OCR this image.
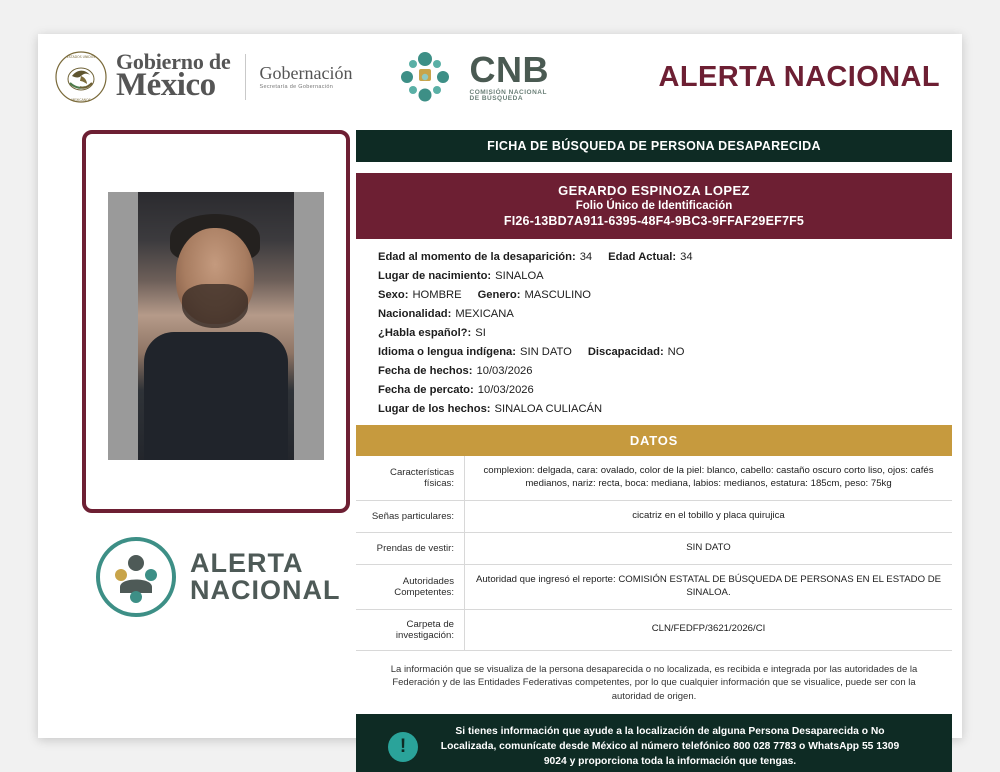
ESTADOS UNIDOS
MEXICANOS
Gobierno de
México	Gobernación
Secretaría de Gobernación	CNB
COMISIÓN NACIONAL
DE BÚSQUEDA
ALERTA NACIONAL
ALERTA
NACIONAL
FICHA DE BÚSQUEDA DE PERSONA DESAPARECIDA
GERARDO ESPINOZA LOPEZ
Folio Único de Identificación
FI26-13BD7A911-6395-48F4-9BC3-9FFAF29EF7F5
Edad al momento de la desaparición: 34 Edad Actual: 34
Lugar de nacimiento: SINALOA
Sexo: HOMBRE Genero: MASCULINO
Nacionalidad: MEXICANA
¿Habla español?: SI
Idioma o lengua indígena: SIN DATO Discapacidad: NO
Fecha de hechos: 10/03/2026
Fecha de percato: 10/03/2026
Lugar de los hechos: SINALOA CULIACÁN
DATOS
Características físicas:	complexion: delgada, cara: ovalado, color de la piel: blanco, cabello: castaño oscuro corto liso, ojos: cafés medianos, nariz: recta, boca: mediana, labios: medianos, estatura: 185cm, peso: 75kg
Señas particulares:	cicatriz en el tobillo y placa quirujica
Prendas de vestir:	SIN DATO
Autoridades Competentes:	Autoridad que ingresó el reporte: COMISIÓN ESTATAL DE BÚSQUEDA DE PERSONAS EN EL ESTADO DE SINALOA.
Carpeta de investigación:	CLN/FEDFP/3621/2026/CI
La información que se visualiza de la persona desaparecida o no localizada, es recibida e integrada por las autoridades de la Federación y de las Entidades Federativas competentes, por lo que cualquier información que se visualice, puede ser con la autoridad de origen.
!
Si tienes información que ayude a la localización de alguna Persona Desaparecida o No Localizada, comunícate desde México al número telefónico 800 028 7783 o WhatsApp 55 1309 9024 y proporciona toda la información que tengas.
